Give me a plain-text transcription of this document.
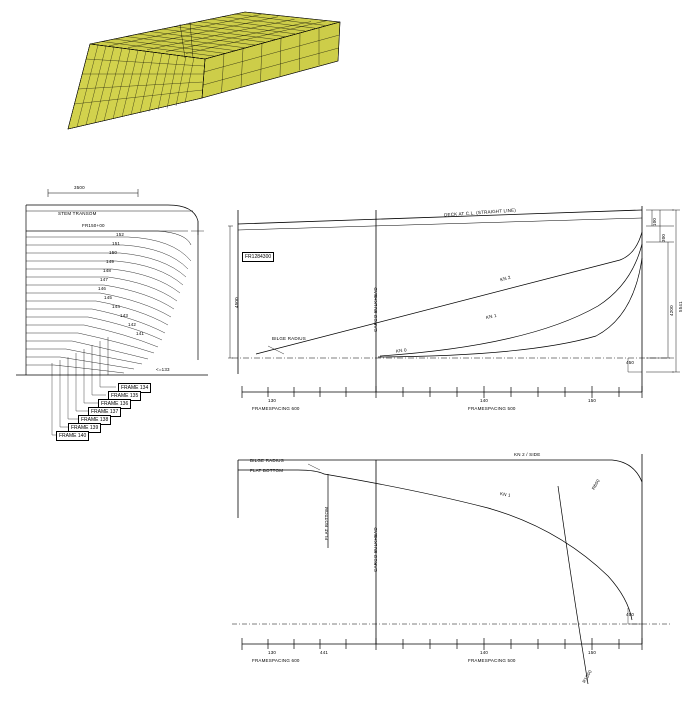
3500
STEM TRANSOM
FR150+00
152
151
150
149
148
147
146
145
144
143
142
141
<=133
FRAME 134
FRAME 135
FRAME 136
FRAME 137
FRAME 138
FRAME 139
FRAME 140
DECK AT C.L. (STRAIGHT LINE)
FR1284300
CARGO BULKHEAD
BILGE RADIUS
KN 2
KN 1
KN 0
4500
100
300
4200 5541
450
130	140	150
FRAMESPACING 600	FRAMESPACING 500
BILGE RADIUS
FLAT BOTTOM
FLAT BOTTOM
CARGO BULKHEAD
KN 2 / SIDE
KN 1
R600
R1500
450
130	441	140	150
FRAMESPACING 600	FRAMESPACING 500
